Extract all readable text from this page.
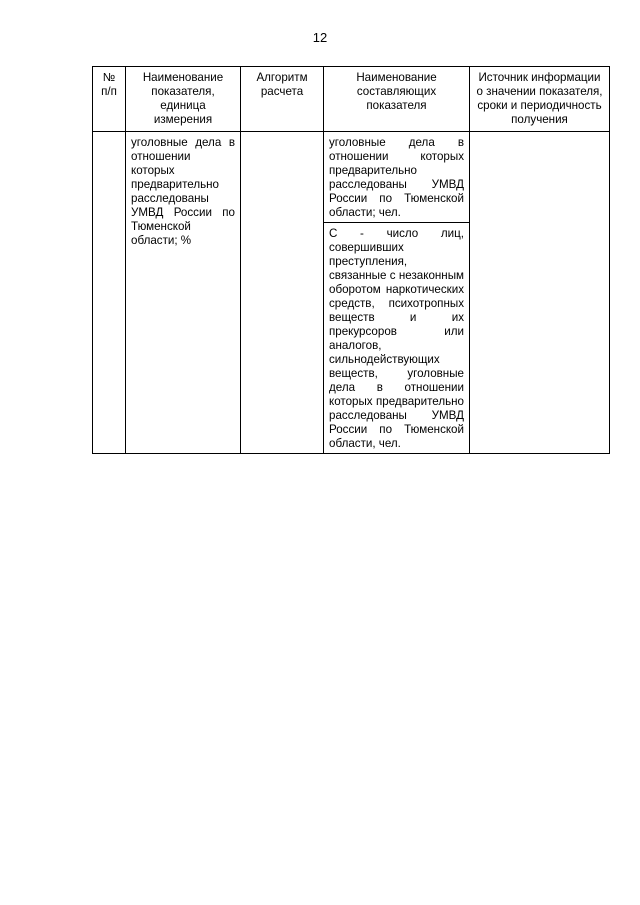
12
№ п/п	Наименование показателя, единица измерения	Алгоритм расчета	Наименование составляющих показателя	Источник информации о значении показателя, сроки и периодичность получения
	уголовные дела в отношении которых предварительно расследованы УМВД России по Тюменской области; %		уголовные дела в отношении которых предварительно расследованы УМВД России по Тюменской области; чел.	
			С - число лиц, совершивших преступления, связанные с незаконным оборотом наркотических средств, психотропных веществ и их прекурсоров или аналогов, сильнодействующих веществ, уголовные дела в отношении которых предварительно расследованы УМВД России по Тюменской области, чел.	
